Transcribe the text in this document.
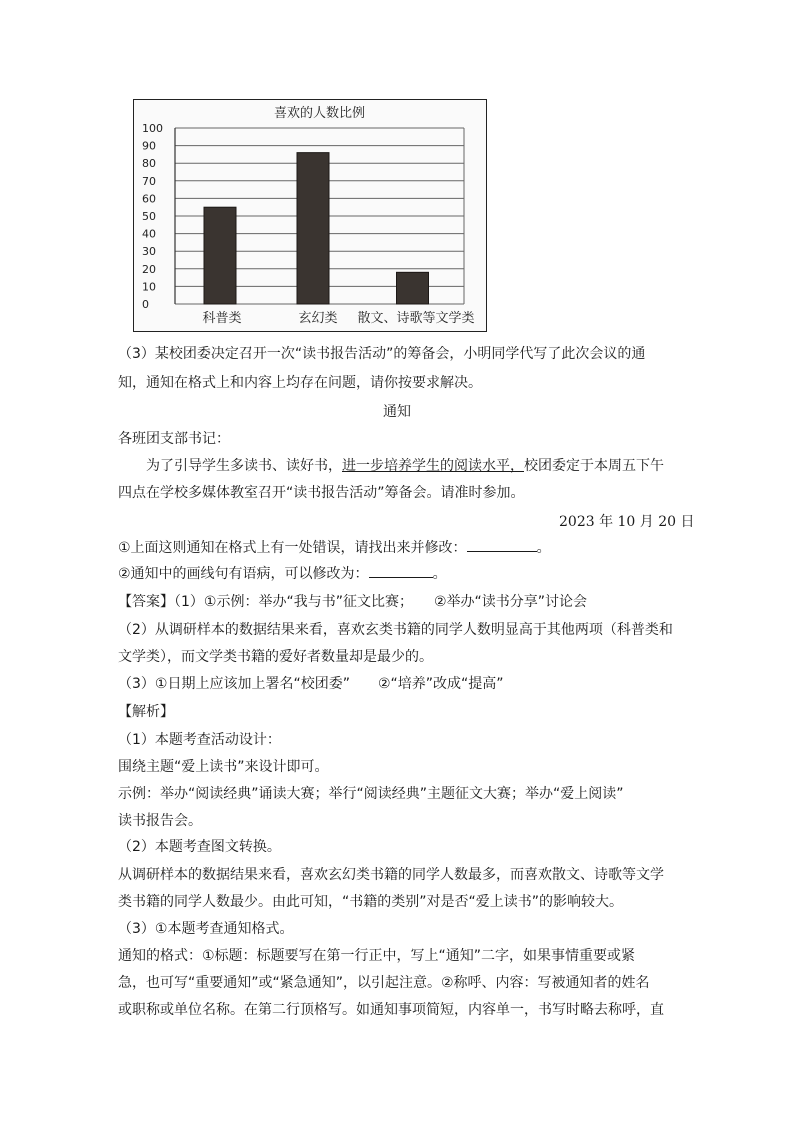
喜欢的人数比例
0
10
20
30
40
50
60
70
80
90
100
科普类	玄幻类 散文、诗歌等文学类
（3）某校团委决定召开一次“读书报告活动”的筹备会，小明同学代写了此次会议的通
知，通知在格式上和内容上均存在问题，请你按要求解决。
通知
各班团支部书记：
为了引导学生多读书、读好书，进一步培养学生的阅读水平，校团委定于本周五下午
四点在学校多媒体教室召开“读书报告活动”筹备会。请准时参加。
2023 年 10 月 20 日
①上面这则通知在格式上有一处错误，请找出来并修改：	。
②通知中的画线句有语病，可以修改为：	。
【答案】（1）①示例：举办“我与书”征文比赛；　　②举办“读书分享”讨论会
（2）从调研样本的数据结果来看，喜欢玄类书籍的同学人数明显高于其他两项（科普类和
文学类），而文学类书籍的爱好者数量却是最少的。
（3）①日期上应该加上署名“校团委”　　②“培养”改成“提高”
【解析】
（1）本题考查活动设计：
围绕主题“爱上读书”来设计即可。
示例：举办“阅读经典”诵读大赛；举行“阅读经典”主题征文大赛；举办“爱上阅读”
读书报告会。
（2）本题考查图文转换。
从调研样本的数据结果来看，喜欢玄幻类书籍的同学人数最多，而喜欢散文、诗歌等文学
类书籍的同学人数最少。由此可知，“书籍的类别”对是否“爱上读书”的影响较大。
（3）①本题考查通知格式。
通知的格式：①标题：标题要写在第一行正中，写上“通知”二字，如果事情重要或紧
急，也可写“重要通知”或“紧急通知”，以引起注意。②称呼、内容：写被通知者的姓名
或职称或单位名称。在第二行顶格写。如通知事项简短，内容单一，书写时略去称呼，直
